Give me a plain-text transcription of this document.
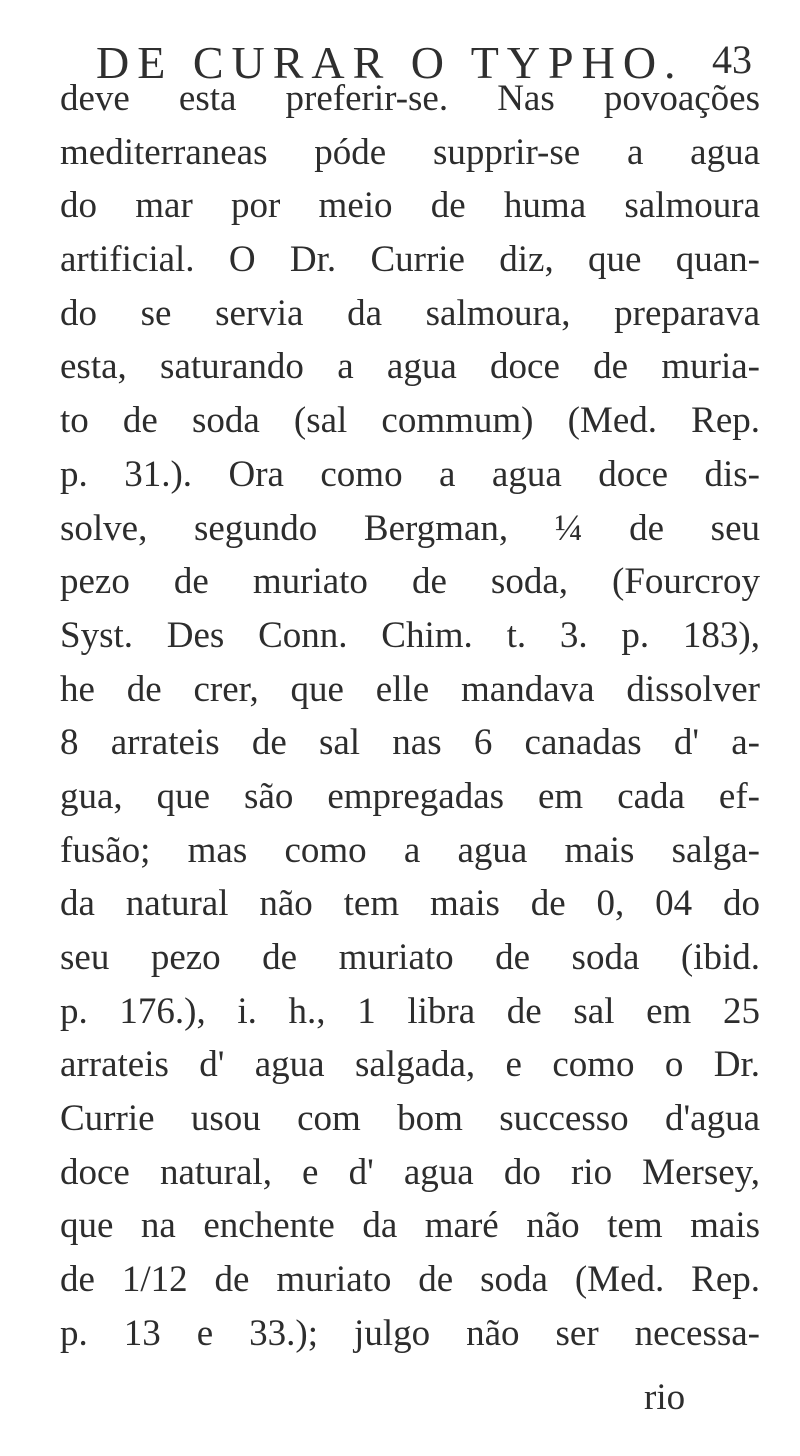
DE CURAR O TYPHO. 43
deve esta preferir-se. Nas povoações
mediterraneas póde supprir-se a agua
do mar por meio de huma salmoura
artificial. O Dr. Currie diz, que quan-
do se servia da salmoura, preparava
esta, saturando a agua doce de muria-
to de soda (sal commum) (Med. Rep.
p. 31.). Ora como a agua doce dis-
solve, segundo Bergman, ¼ de seu
pezo de muriato de soda, (Fourcroy
Syst. Des Conn. Chim. t. 3. p. 183),
he de crer, que elle mandava dissolver
8 arrateis de sal nas 6 canadas d' a-
gua, que são empregadas em cada ef-
fusão; mas como a agua mais salga-
da natural não tem mais de 0, 04 do
seu pezo de muriato de soda (ibid.
p. 176.), i. h., 1 libra de sal em 25
arrateis d' agua salgada, e como o Dr.
Currie usou com bom successo d'agua
doce natural, e d' agua do rio Mersey,
que na enchente da maré não tem mais
de 1/12 de muriato de soda (Med. Rep.
p. 13 e 33.); julgo não ser necessa-
rio
